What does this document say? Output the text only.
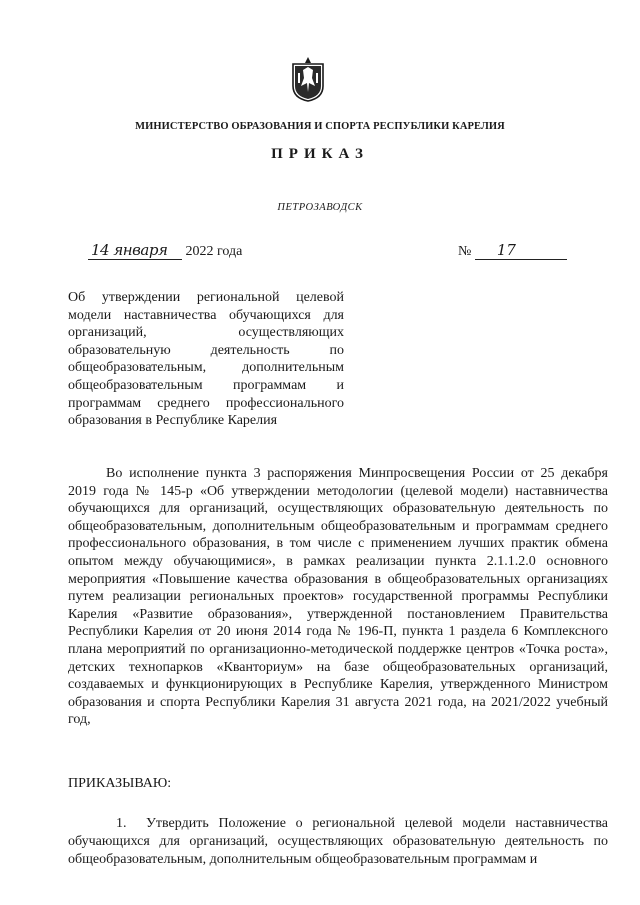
МИНИСТЕРСТВО ОБРАЗОВАНИЯ И СПОРТА РЕСПУБЛИКИ КАРЕЛИЯ
ПРИКАЗ
ПЕТРОЗАВОДСК
14 января 2022 года	№ 17
Об утверждении региональной целевой модели наставничества обучающихся для организаций, осуществляющих образовательную деятельность по общеобразовательным, дополнительным общеобразовательным программам и программам среднего профессионального образования в Республике Карелия

Во исполнение пункта 3 распоряжения Минпросвещения России от 25 декабря 2019 года № 145-р «Об утверждении методологии (целевой модели) наставничества обучающихся для организаций, осуществляющих образовательную деятельность по общеобразовательным, дополнительным общеобразовательным и программам среднего профессионального образования, в том числе с применением лучших практик обмена опытом между обучающимися», в рамках реализации пункта 2.1.1.2.0 основного мероприятия «Повышение качества образования в общеобразовательных организациях путем реализации региональных проектов» государственной программы Республики Карелия «Развитие образования», утвержденной постановлением Правительства Республики Карелия от 20 июня 2014 года № 196-П, пункта 1 раздела 6 Комплексного плана мероприятий по организационно-методической поддержке центров «Точка роста», детских технопарков «Кванториум» на базе общеобразовательных организаций, создаваемых и функционирующих в Республике Карелия, утвержденного Министром образования и спорта Республики Карелия 31 августа 2021 года, на 2021/2022 учебный год,

ПРИКАЗЫВАЮ:
1. Утвердить Положение о региональной целевой модели наставничества обучающихся для организаций, осуществляющих образовательную деятельность по общеобразовательным, дополнительным общеобразовательным программам и
